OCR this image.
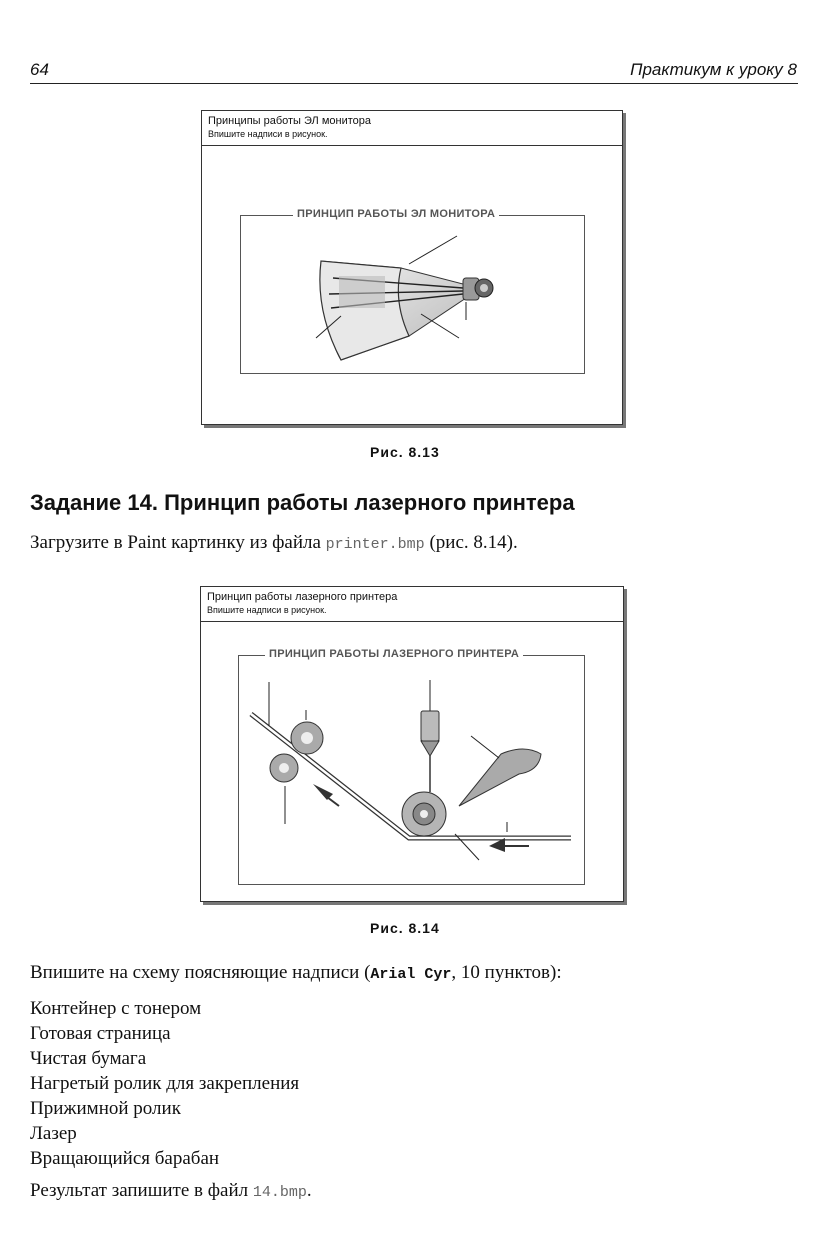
64	Практикум к уроку 8
Принципы работы ЭЛ монитора
Впишите надписи в рисунок.
ПРИНЦИП РАБОТЫ ЭЛ МОНИТОРА
Рис. 8.13
Задание 14. Принцип работы лазерного принтера
Загрузите в Paint картинку из файла printer.bmp (рис. 8.14).
Принцип работы лазерного принтера
Впишите надписи в рисунок.
ПРИНЦИП РАБОТЫ ЛАЗЕРНОГО ПРИНТЕРА
Рис. 8.14
Впишите на схему поясняющие надписи (Arial Cyr, 10 пунктов):
Контейнер с тонером
Готовая страница
Чистая бумага
Нагретый ролик для закрепления
Прижимной ролик
Лазер
Вращающийся барабан
Результат запишите в файл 14.bmp.
